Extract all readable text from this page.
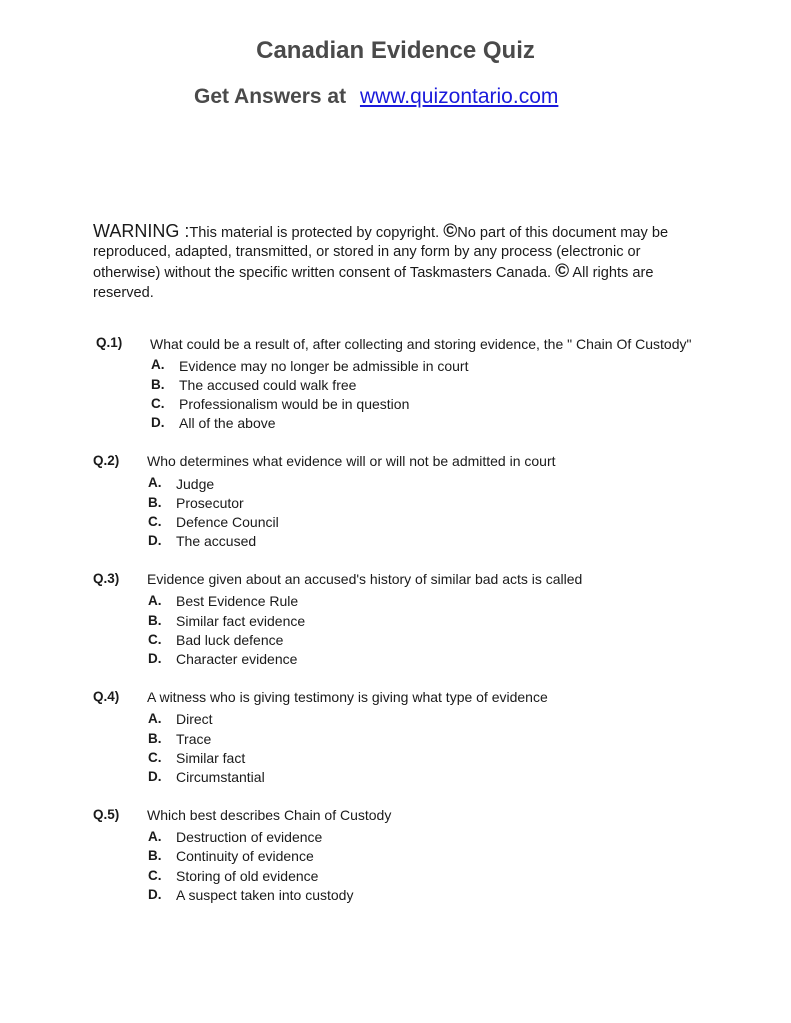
Canadian Evidence Quiz
Get Answers at www.quizontario.com
WARNING :This material is protected by copyright. ©No part of this document may be reproduced, adapted, transmitted, or stored in any form by any process (electronic or otherwise) without the specific written consent of Taskmasters Canada. © All rights are reserved.
Q.1) What could be a result of, after collecting and storing evidence, the " Chain Of Custody"
A. Evidence may no longer be admissible in court
B. The accused could walk free
C. Professionalism would be in question
D. All of the above
Q.2) Who determines what evidence will or will not be admitted in court
A. Judge
B. Prosecutor
C. Defence Council
D. The accused
Q.3) Evidence given about an accused's history of similar bad acts is called
A. Best Evidence Rule
B. Similar fact evidence
C. Bad luck defence
D. Character evidence
Q.4) A witness who is giving testimony is giving what type of evidence
A. Direct
B. Trace
C. Similar fact
D. Circumstantial
Q.5) Which best describes Chain of Custody
A. Destruction of evidence
B. Continuity of evidence
C. Storing of old evidence
D. A suspect taken into custody
